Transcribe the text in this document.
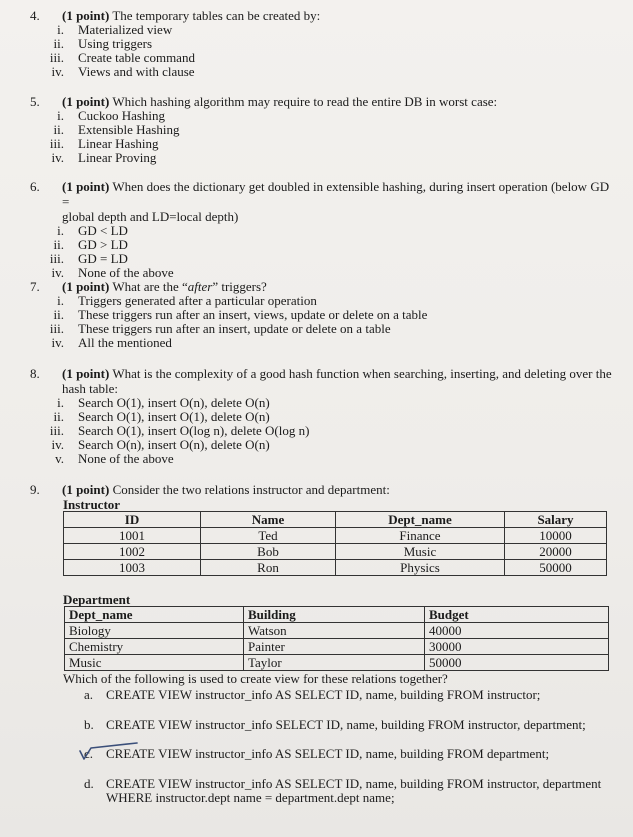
4.	(1 point) The temporary tables can be created by:
i.	Materialized view
ii.	Using triggers
iii.	Create table command
iv.	Views and with clause
5.	(1 point) Which hashing algorithm may require to read the entire DB in worst case:
i.	Cuckoo Hashing
ii.	Extensible Hashing
iii.	Linear Hashing
iv.	Linear Proving
6.	(1 point) When does the dictionary get doubled in extensible hashing, during insert operation (below GD =
global depth and LD=local depth)
i.	GD < LD
ii.	GD > LD
iii.	GD = LD
iv.	None of the above
7.	(1 point) What are the “after” triggers?
i.	Triggers generated after a particular operation
ii.	These triggers run after an insert, views, update or delete on a table
iii.	These triggers run after an insert, update or delete on a table
iv.	All the mentioned
8.	(1 point) What is the complexity of a good hash function when searching, inserting, and deleting over the
hash table:
i.	Search O(1), insert O(n), delete O(n)
ii.	Search O(1), insert O(1), delete O(n)
iii.	Search O(1), insert O(log n), delete O(log n)
iv.	Search O(n), insert O(n), delete O(n)
v.	None of the above
9.	(1 point) Consider the two relations instructor and department:
Instructor
ID	Name	Dept_name	Salary
1001	Ted	Finance	10000
1002	Bob	Music	20000
1003	Ron	Physics	50000
Department
Dept_name	Building	Budget
Biology	Watson	40000
Chemistry	Painter	30000
Music	Taylor	50000
Which of the following is used to create view for these relations together?
a. CREATE VIEW instructor_info AS SELECT ID, name, building FROM instructor;
b. CREATE VIEW instructor_info SELECT ID, name, building FROM instructor, department;
c. CREATE VIEW instructor_info AS SELECT ID, name, building FROM department;
d. CREATE VIEW instructor_info AS SELECT ID, name, building FROM instructor, department WHERE instructor.dept name = department.dept name;
